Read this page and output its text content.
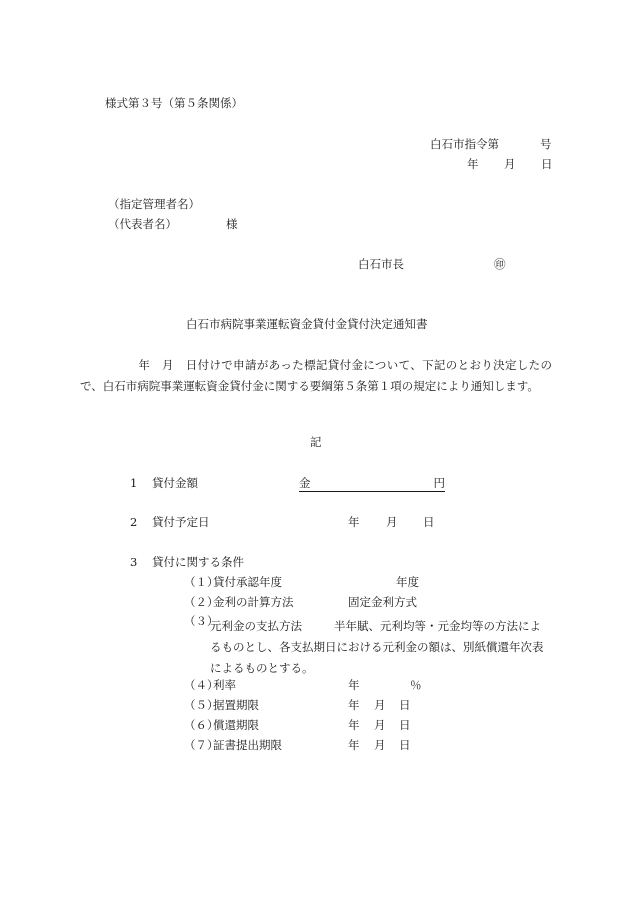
様式第３号（第５条関係）
白石市指令第	号
年 月 日
（指定管理者名）
（代表者名）	様
白石市長	㊞
白石市病院事業運転資金貸付金貸付決定通知書
年  月  日付けで申請があった標記貸付金について、下記のとおり決定したので、白石市病院事業運転資金貸付金に関する要綱第５条第１項の規定により通知します。
記
1 貸付金額	金	円
2 貸付予定日	年 月 日
3 貸付に関する条件
（１）
貸付承認年度	年度
（２）
金利の計算方法	固定金利方式
（３）
元利金の支払方法	半年賦、元利均等・元金均等の方法によるものとし、各支払期日における元利金の額は、別紙償還年次表によるものとする。
（４）
利率	年	％
（５）
据置期限	年 月 日
（６）
償還期限	年 月 日
（７）
証書提出期限	年 月 日
